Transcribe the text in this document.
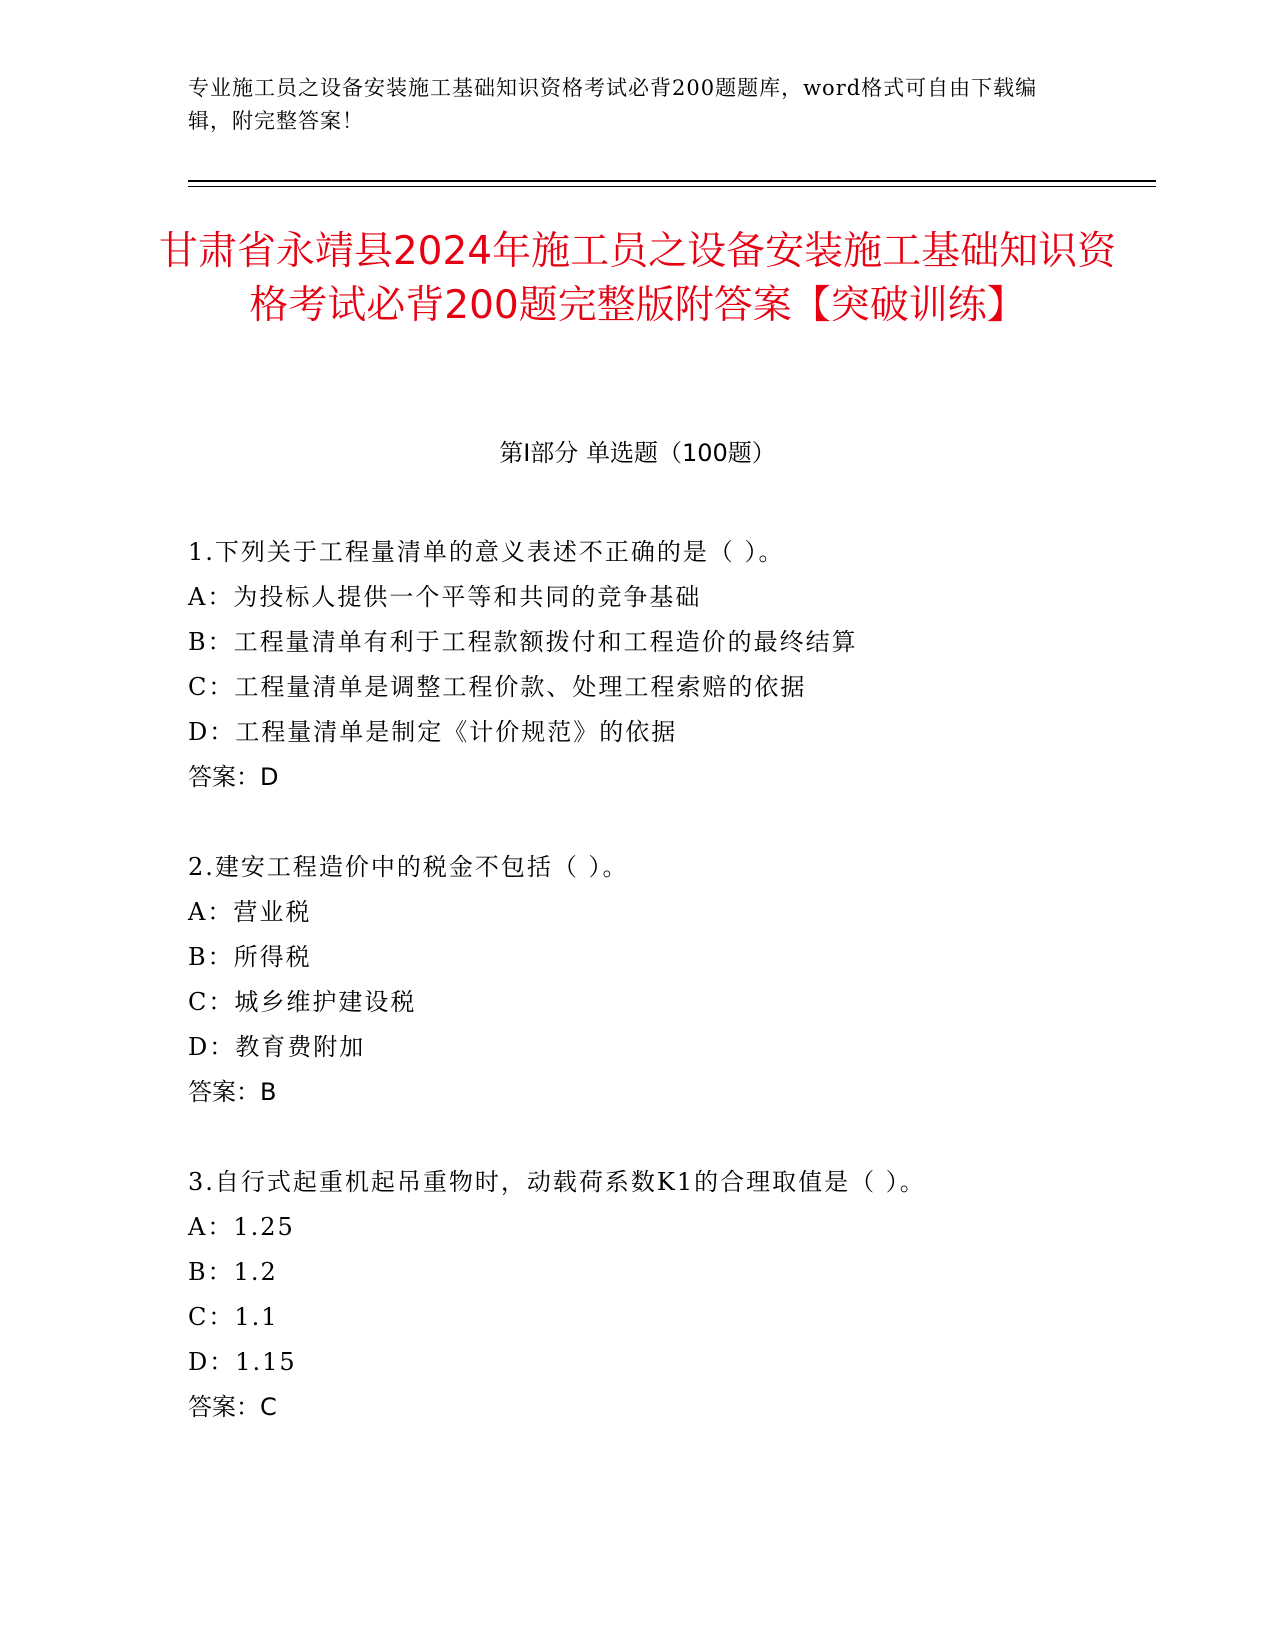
专业施工员之设备安装施工基础知识资格考试必背200题题库，word格式可自由下载编辑，附完整答案！
甘肃省永靖县2024年施工员之设备安装施工基础知识资格考试必背200题完整版附答案【突破训练】
第Ⅰ部分 单选题（100题）
1.下列关于工程量清单的意义表述不正确的是（ ）。
A：为投标人提供一个平等和共同的竞争基础
B：工程量清单有利于工程款额拨付和工程造价的最终结算
C：工程量清单是调整工程价款、处理工程索赔的依据
D：工程量清单是制定《计价规范》的依据
答案：D
2.建安工程造价中的税金不包括（ ）。
A：营业税
B：所得税
C：城乡维护建设税
D：教育费附加
答案：B
3.自行式起重机起吊重物时，动载荷系数K1的合理取值是（ ）。
A：1.25
B：1.2
C：1.1
D：1.15
答案：C
